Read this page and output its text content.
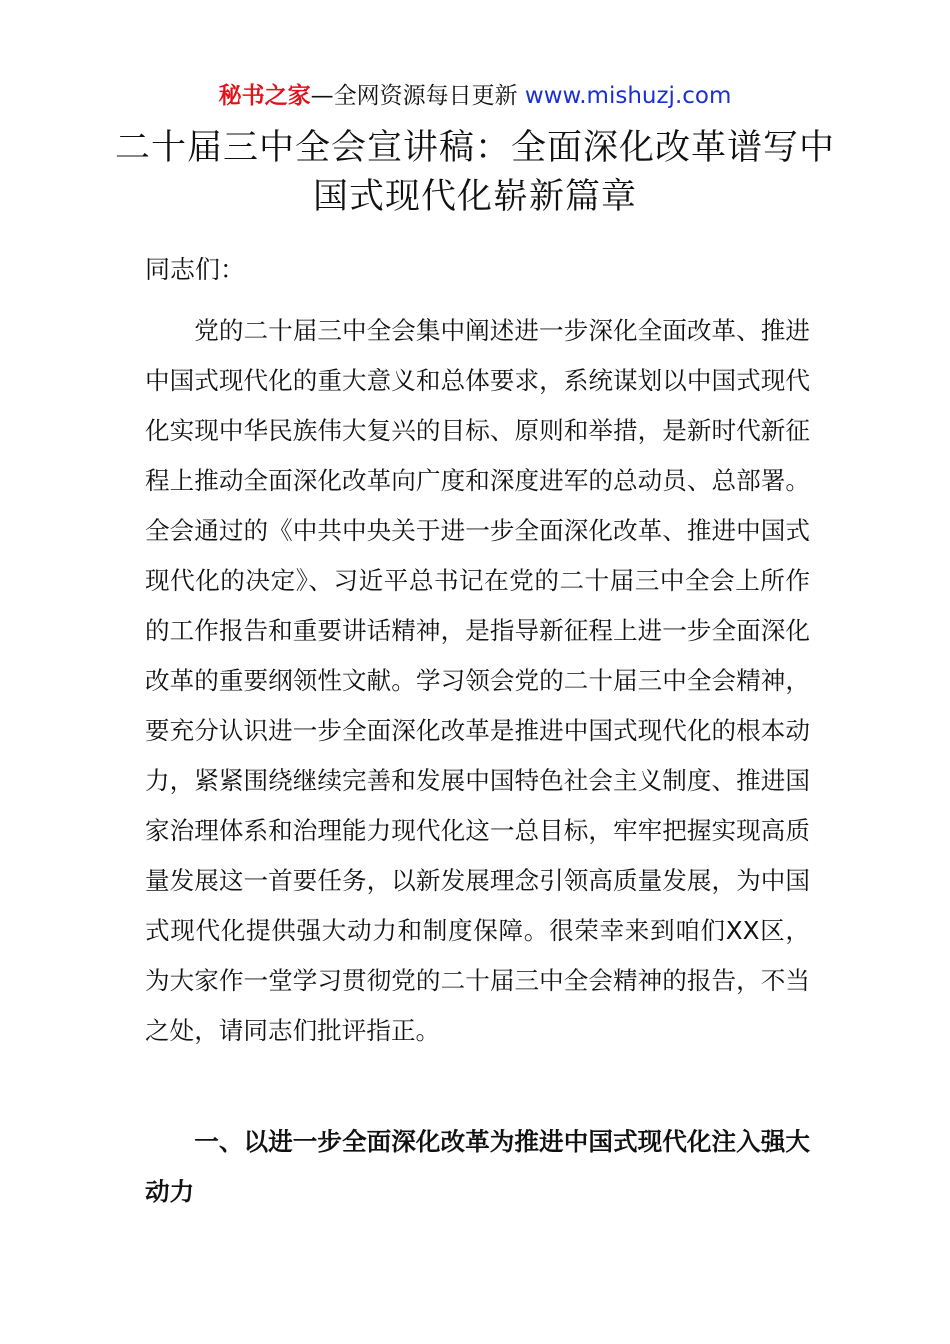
秘书之家—全网资源每日更新 www.mishuzj.com
二十届三中全会宣讲稿：全面深化改革谱写中国式现代化崭新篇章
同志们：
党的二十届三中全会集中阐述进一步深化全面改革、推进中国式现代化的重大意义和总体要求，系统谋划以中国式现代化实现中华民族伟大复兴的目标、原则和举措，是新时代新征程上推动全面深化改革向广度和深度进军的总动员、总部署。全会通过的《中共中央关于进一步全面深化改革、推进中国式现代化的决定》、习近平总书记在党的二十届三中全会上所作的工作报告和重要讲话精神，是指导新征程上进一步全面深化改革的重要纲领性文献。学习领会党的二十届三中全会精神，要充分认识进一步全面深化改革是推进中国式现代化的根本动力，紧紧围绕继续完善和发展中国特色社会主义制度、推进国家治理体系和治理能力现代化这一总目标，牢牢把握实现高质量发展这一首要任务，以新发展理念引领高质量发展，为中国式现代化提供强大动力和制度保障。很荣幸来到咱们XX区，为大家作一堂学习贯彻党的二十届三中全会精神的报告，不当之处，请同志们批评指正。
一、以进一步全面深化改革为推进中国式现代化注入强大动力
